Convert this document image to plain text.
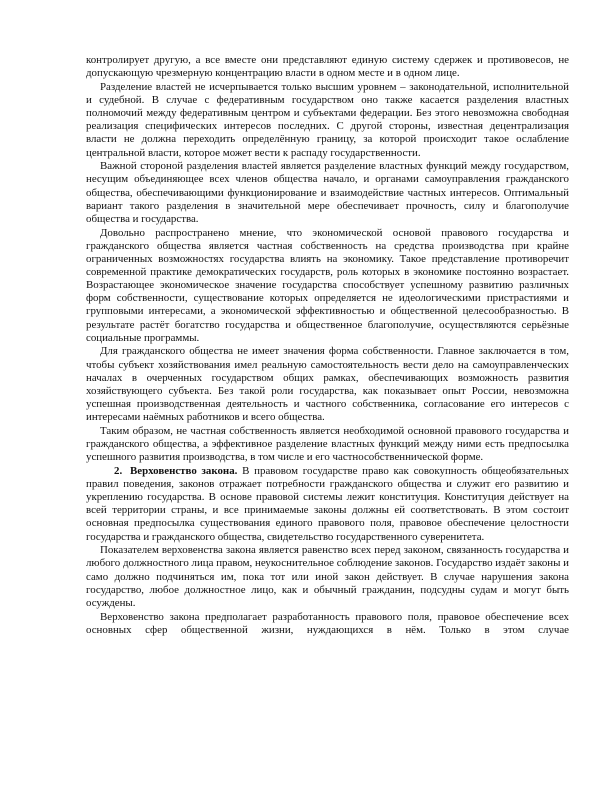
контролирует другую, а все вместе они представляют единую систему сдержек и противовесов, не допускающую чрезмерную концентрацию власти в одном месте и в одном лице.

Разделение властей не исчерпывается только высшим уровнем – законодательной, исполнительной и судебной. В случае с федеративным государством оно также касается разделения властных полномочий между федеративным центром и субъектами федерации. Без этого невозможна свободная реализация специфических интересов последних. С другой стороны, известная децентрализация власти не должна переходить определённую границу, за которой происходит такое ослабление центральной власти, которое может вести к распаду государственности.

Важной стороной разделения властей является разделение властных функций между государством, несущим объединяющее всех членов общества начало, и органами самоуправления гражданского общества, обеспечивающими функционирование и взаимодействие частных интересов. Оптимальный вариант такого разделения в значительной мере обеспечивает прочность, силу и благополучие общества и государства.

Довольно распространено мнение, что экономической основой правового государства и гражданского общества является частная собственность на средства производства при крайне ограниченных возможностях государства влиять на экономику. Такое представление противоречит современной практике демократических государств, роль которых в экономике постоянно возрастает. Возрастающее экономическое значение государства способствует успешному развитию различных форм собственности, существование которых определяется не идеологическими пристрастиями и групповыми интересами, а экономической эффективностью и общественной целесообразностью. В результате растёт богатство государства и общественное благополучие, осуществляются серьёзные социальные программы.

Для гражданского общества не имеет значения форма собственности. Главное заключается в том, чтобы субъект хозяйствования имел реальную самостоятельность вести дело на самоуправленческих началах в очерченных государством общих рамках, обеспечивающих возможность развития хозяйствующего субъекта. Без такой роли государства, как показывает опыт России, невозможна успешная производственная деятельность и частного собственника, согласование его интересов с интересами наёмных работников и всего общества.

Таким образом, не частная собственность является необходимой основной правового государства и гражданского общества, а эффективное разделение властных функций между ними есть предпосылка успешного развития производства, в том числе и его частнособственнической форме.

2. Верховенство закона. В правовом государстве право как совокупность общеобязательных правил поведения, законов отражает потребности гражданского общества и служит его развитию и укреплению государства. В основе правовой системы лежит конституция. Конституция действует на всей территории страны, и все принимаемые законы должны ей соответствовать. В этом состоит основная предпосылка существования единого правового поля, правовое обеспечение целостности государства и гражданского общества, свидетельство государственного суверенитета.

Показателем верховенства закона является равенство всех перед законом, связанность государства и любого должностного лица правом, неукоснительное соблюдение законов. Государство издаёт законы и само должно подчиняться им, пока тот или иной закон действует. В случае нарушения закона государство, любое должностное лицо, как и обычный гражданин, подсудны судам и могут быть осуждены.

Верховенство закона предполагает разработанность правового поля, правовое обеспечение всех основных сфер общественной жизни, нуждающихся в нём. Только в этом случае
